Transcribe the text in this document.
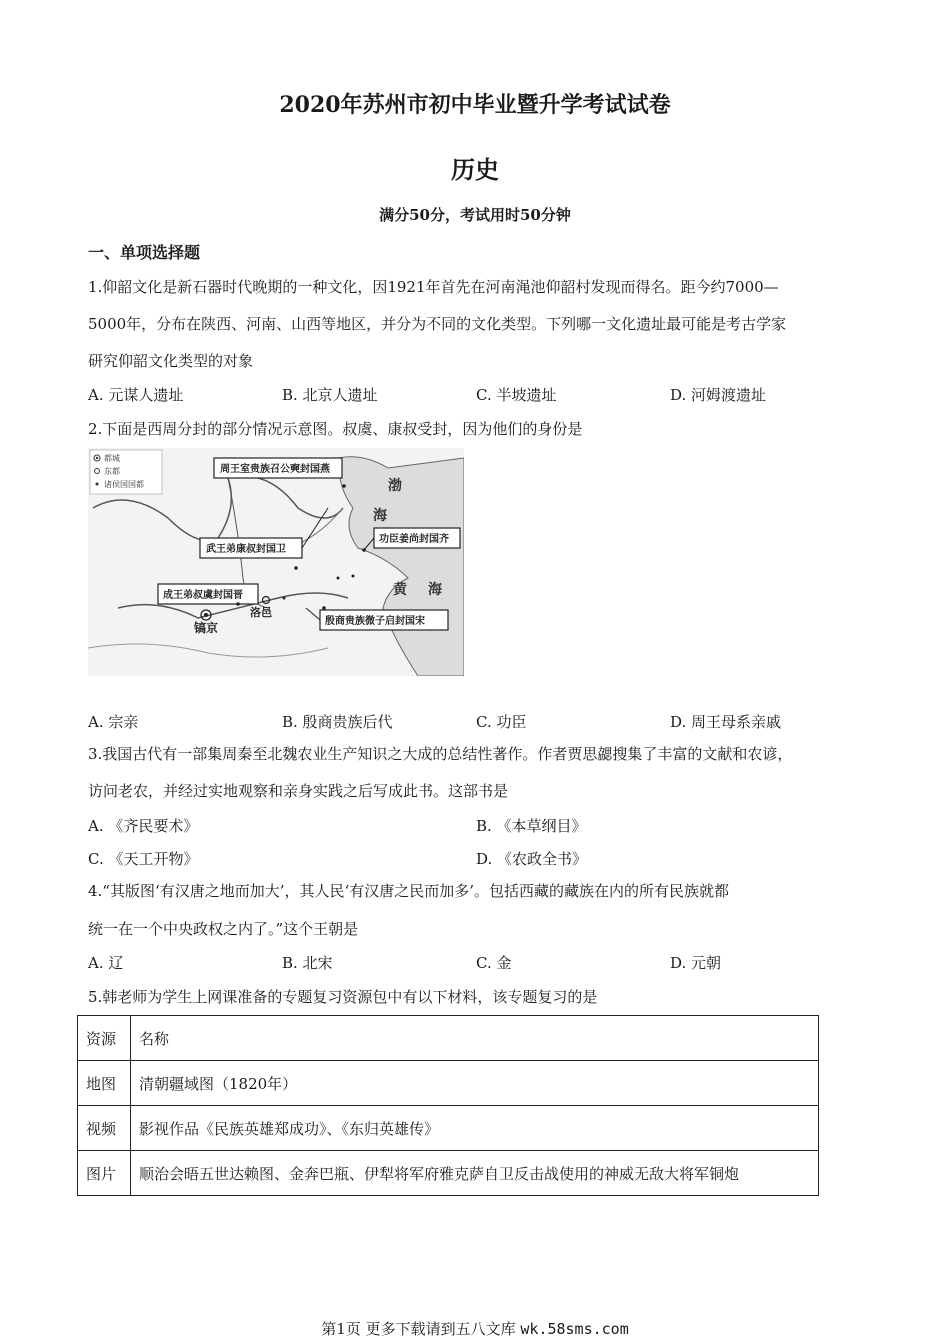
2020年苏州市初中毕业暨升学考试试卷
历史
满分50分，考试用时50分钟
一、单项选择题
1.仰韶文化是新石器时代晚期的一种文化，因1921年首先在河南渑池仰韶村发现而得名。距今约7000—
5000年，分布在陕西、河南、山西等地区，并分为不同的文化类型。下列哪一文化遗址最可能是考古学家
研究仰韶文化类型的对象
A. 元谋人遗址	B. 北京人遗址	C. 半坡遗址	D. 河姆渡遗址
2.下面是西周分封的部分情况示意图。叔虞、康叔受封，因为他们的身份是
都城
东都
诸侯国国都
周王室贵族召公奭封国燕
武王弟康叔封国卫
功臣姜尚封国齐
成王弟叔虞封国晋
殷商贵族微子启封国宋
渤
海
黄 海
镐京
洛邑
A. 宗亲	B. 殷商贵族后代	C. 功臣	D. 周王母系亲戚
3.我国古代有一部集周秦至北魏农业生产知识之大成的总结性著作。作者贾思勰搜集了丰富的文献和农谚，
访问老农，并经过实地观察和亲身实践之后写成此书。这部书是
A. 《齐民要术》	B. 《本草纲目》
C. 《天工开物》	D. 《农政全书》
4.“其版图‘有汉唐之地而加大’，其人民‘有汉唐之民而加多’。包括西藏的藏族在内的所有民族就都
统一在一个中央政权之内了。”这个王朝是
A. 辽	B. 北宋	C. 金	D. 元朝
5.韩老师为学生上网课准备的专题复习资源包中有以下材料，该专题复习的是
资源	名称
地图	清朝疆域图（1820年）
视频	影视作品《民族英雄郑成功》、《东归英雄传》
图片	顺治会晤五世达赖图、金奔巴瓶、伊犁将军府雅克萨自卫反击战使用的神威无敌大将军铜炮
第1页 更多下载请到五八文库 wk.58sms.com
